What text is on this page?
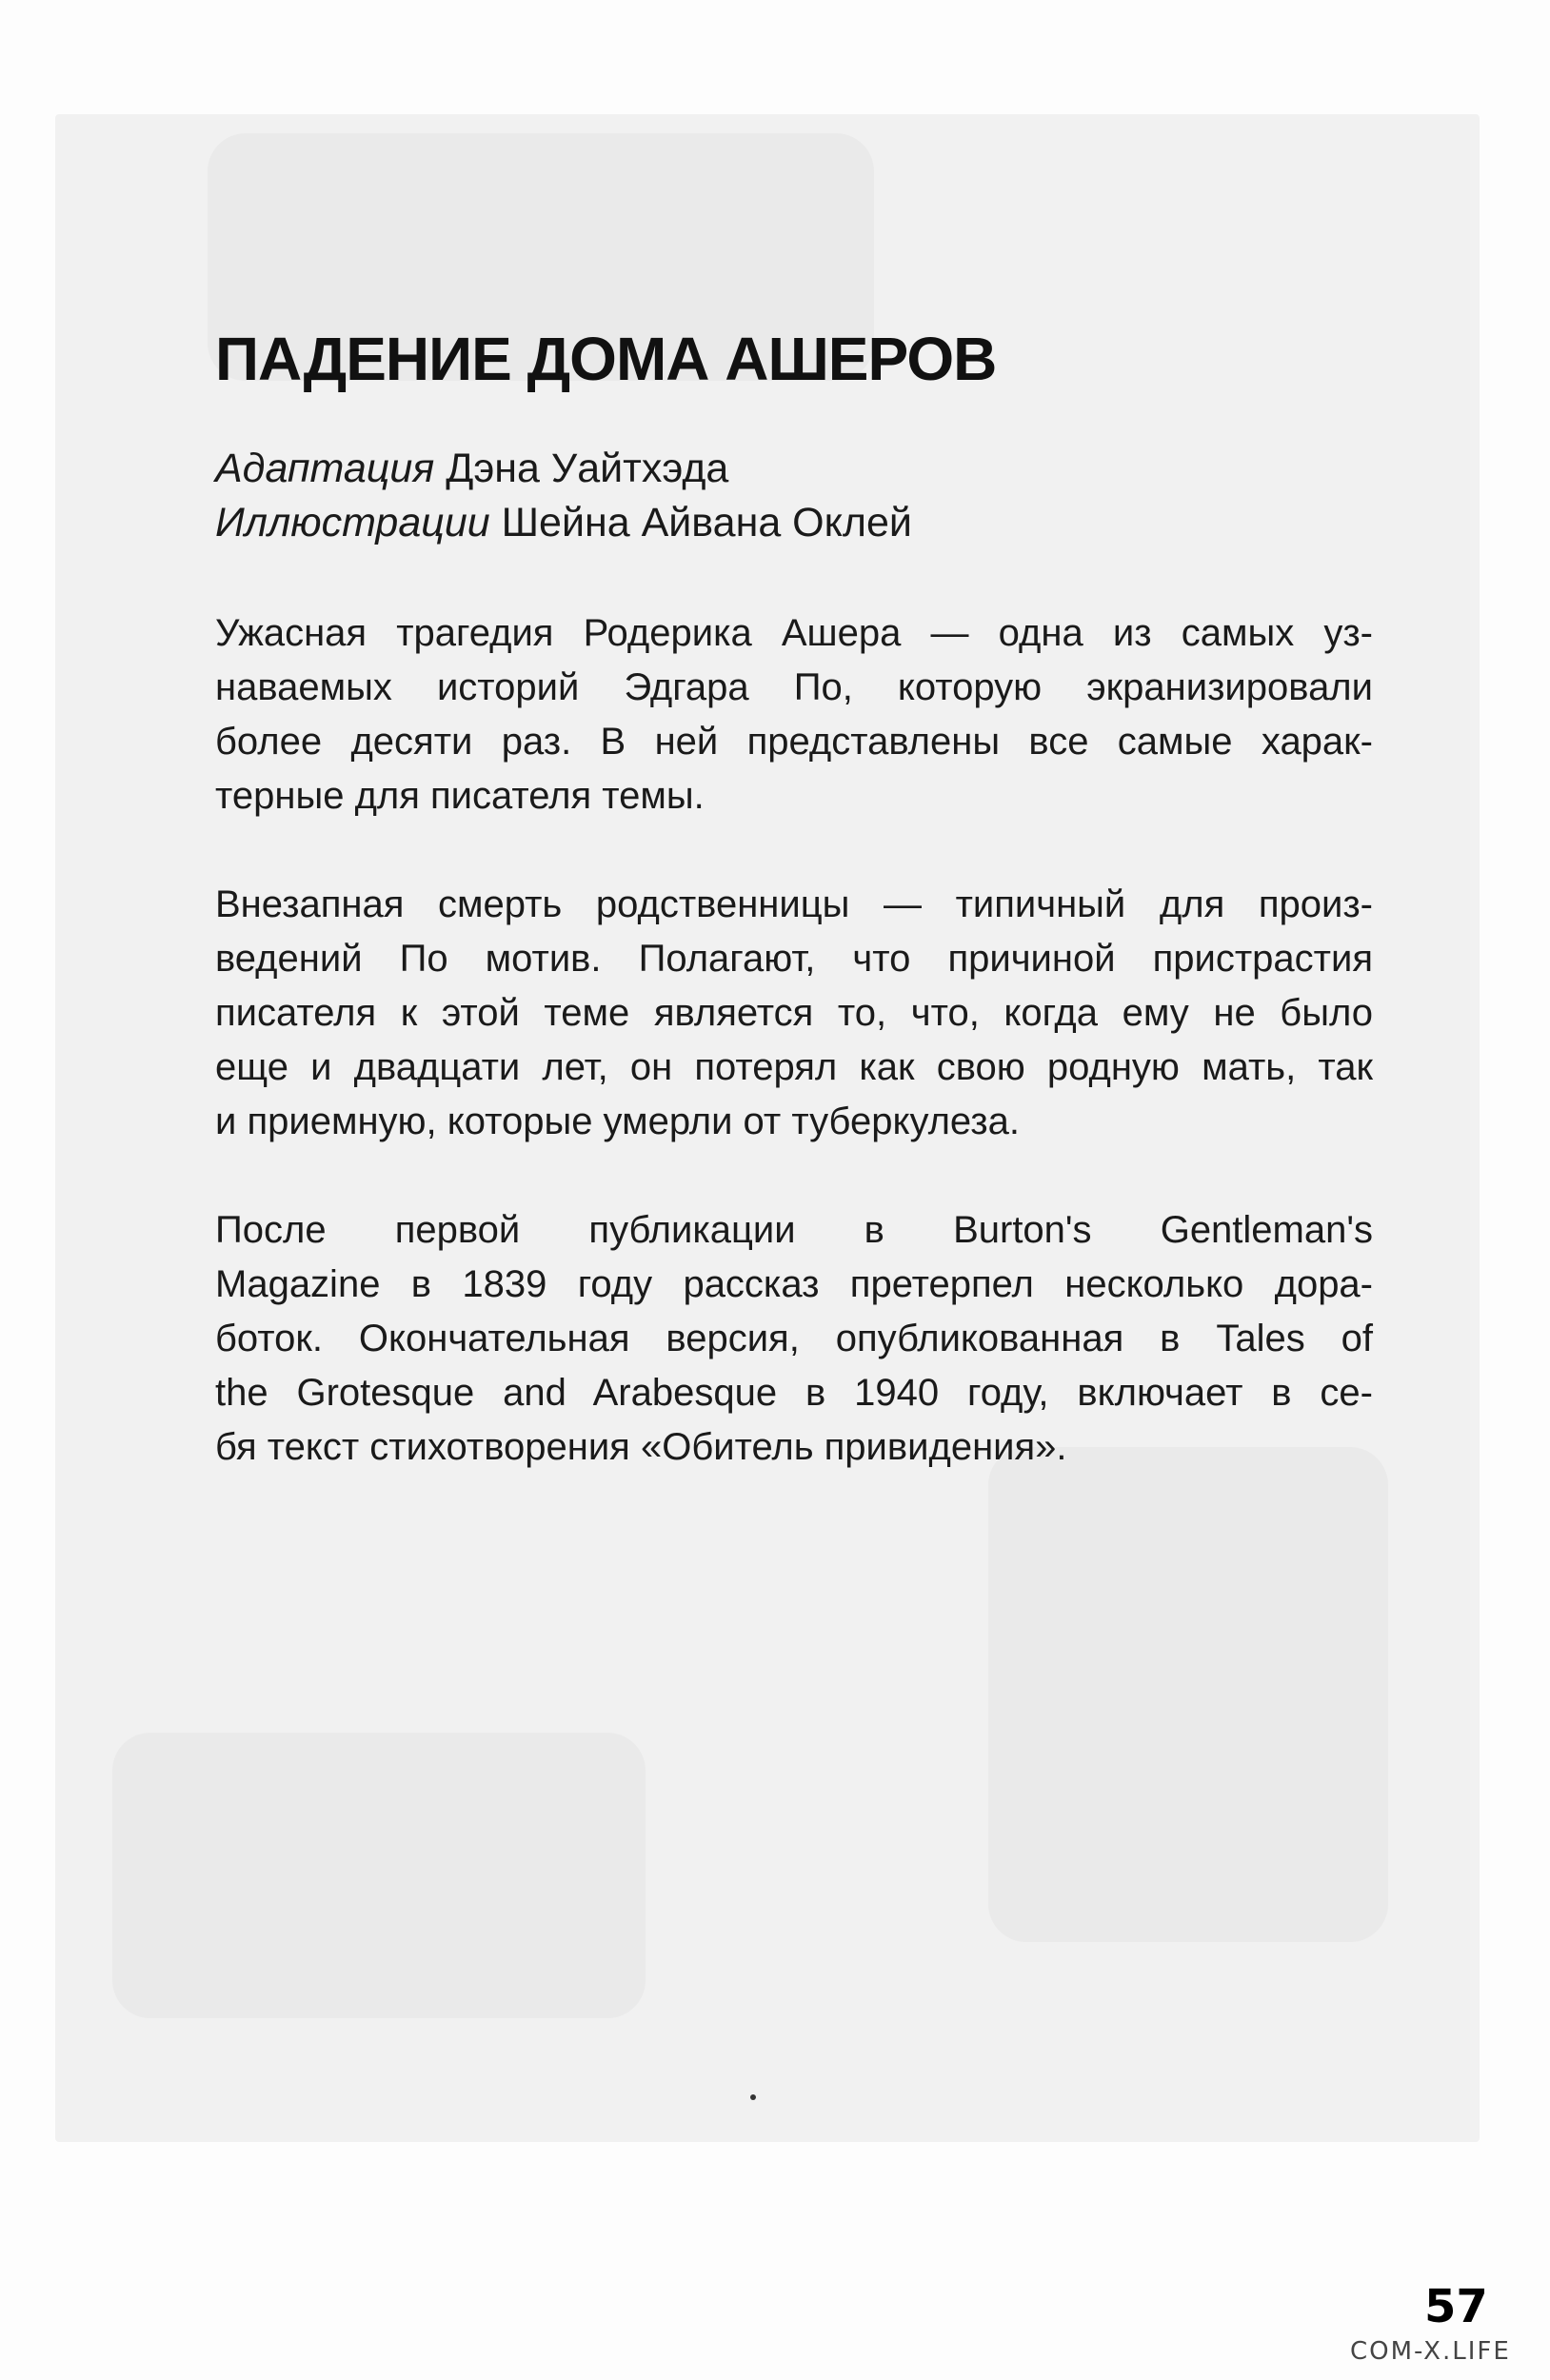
ПАДЕНИЕ ДОМА АШЕРОВ
Адаптация Дэна Уайтхэда
Иллюстрации Шейна Айвана Оклей
Ужасная трагедия Родерика Ашера — одна из самых уз-
наваемых историй Эдгара По, которую экранизировали
более десяти раз. В ней представлены все самые харак-
терные для писателя темы.
Внезапная смерть родственницы — типичный для произ-
ведений По мотив. Полагают, что причиной пристрастия
писателя к этой теме является то, что, когда ему не было
еще и двадцати лет, он потерял как свою родную мать, так
и приемную, которые умерли от туберкулеза.
После первой публикации в Burton's Gentleman's
Magazine в 1839 году рассказ претерпел несколько дора-
боток. Окончательная версия, опубликованная в Tales of
the Grotesque and Arabesque в 1940 году, включает в се-
бя текст стихотворения «Обитель привидения».
57
COM-X.LIFE
